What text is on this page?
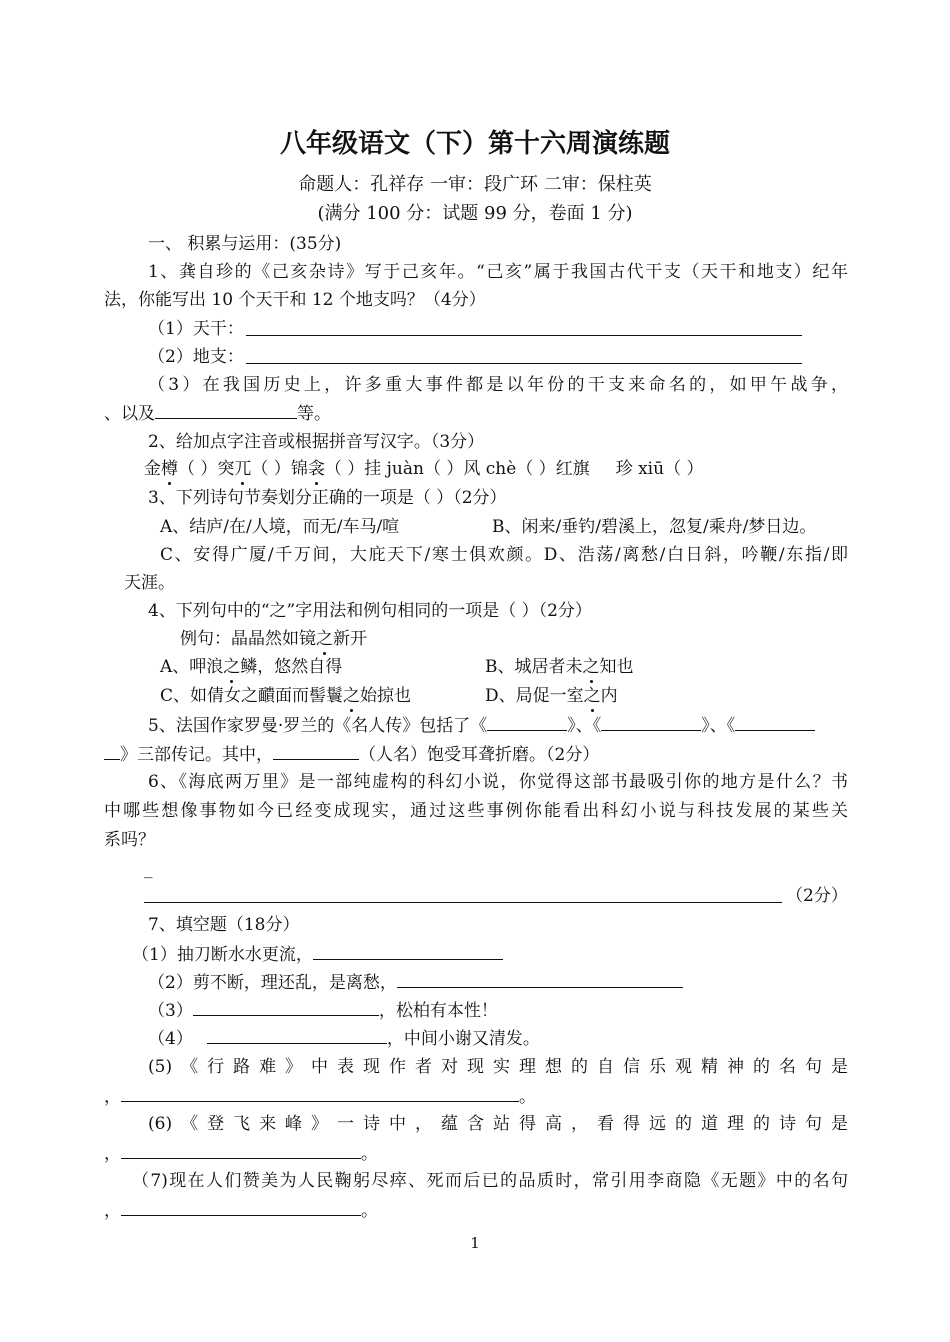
八年级语文（下）第十六周演练题
命题人：孔祥存 一审：段广环 二审：保柱英
(满分 100 分：试题 99 分，卷面 1 分)
一、 积累与运用：(35分)
1、龚自珍的《己亥杂诗》写于己亥年。“己亥”属于我国古代干支（天干和地支）纪年
法，你能写出 10 个天干和 12 个地支吗？（4分）
（1）天干：
（2）地支：
（3）在我国历史上，许多重大事件都是以年份的干支来命名的，如甲午战争，
、以及	等。
2、给加点字注音或根据拼音写汉字。（3分）
金樽（ ）突兀（ ）锦衾（ ）挂 juàn（ ）风 chè（ ）红旗 珍 xiū（ ）
3、下列诗句节奏划分正确的一项是（ ）（2分）
A、结庐/在/人境，而无/车马/喧	B、闲来/垂钓/碧溪上，忽复/乘舟/梦日边。
C、安得广厦/千万间，大庇天下/寒士俱欢颜。D、浩荡/离愁/白日斜，吟鞭/东指/即
天涯。
4、下列句中的“之”字用法和例句相同的一项是（ ）（2分）
例句：晶晶然如镜之新开
A、呷浪之鳞，悠然自得	B、城居者未之知也
C、如倩女之靧面而髻鬟之始掠也	D、局促一室之内
5、法国作家罗曼·罗兰的《名人传》包括了《	》、《	》、《
》三部传记。其中，	（人名）饱受耳聋折磨。（2分）
6、《海底两万里》是一部纯虚构的科幻小说，你觉得这部书最吸引你的地方是什么？书
中哪些想像事物如今已经变成现实，通过这些事例你能看出科幻小说与科技发展的某些关
系吗？
_
（2分）
7、填空题（18分）
（1）抽刀断水水更流，
（2）剪不断，理还乱，是离愁，
（3）	，松柏有本性！
（4）	，中间小谢又清发。
(5)《行路难》中表现作者对现实理想的自信乐观精神的名句是
，	。
(6)《登飞来峰》一诗中，蕴含站得高，看得远的道理的诗句是
，	。
（7)现在人们赞美为人民鞠躬尽瘁、死而后已的品质时，常引用李商隐《无题》中的名句
，	。
1
